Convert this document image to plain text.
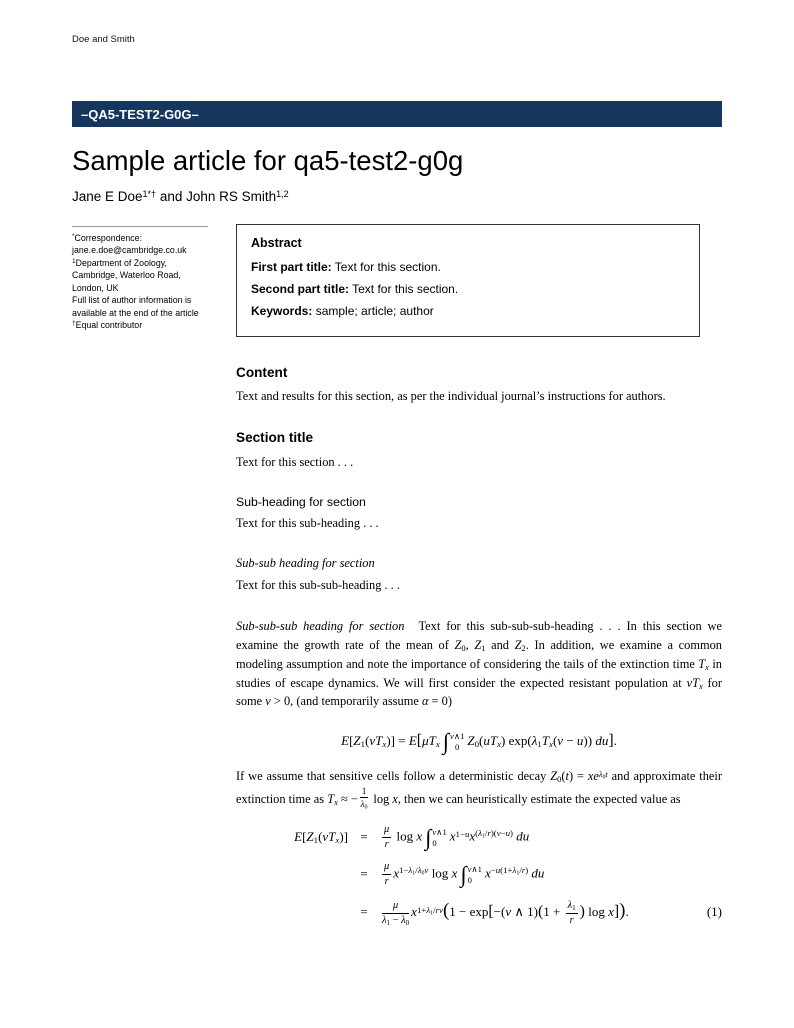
Doe and Smith
–QA5-TEST2-G0G–
Sample article for qa5-test2-g0g
Jane E Doe$^{1*\dagger}$ and John RS Smith$^{1,2}$
*Correspondence:
jane.e.doe@cambridge.co.uk
$^1$Department of Zoology,
Cambridge, Waterloo Road,
London, UK
Full list of author information is
available at the end of the article
†Equal contributor
Abstract

First part title: Text for this section.

Second part title: Text for this section.

Keywords: sample; article; author

Content

Text and results for this section, as per the individual journal’s instructions for authors.

Section title

Text for this section . . .

Sub-heading for section

Text for this sub-heading . . .

Sub-sub heading for section

Text for this sub-sub-heading . . .

Sub-sub-sub heading for section Text for this sub-sub-sub-heading . . . In this section we examine the growth rate of the mean of $Z_0$, $Z_1$ and $Z_2$. In addition, we examine a common modeling assumption and note the importance of considering the tails of the extinction time $T_x$ in studies of escape dynamics. We will first consider the expected resistant population at $vT_x$ for some v > 0, (and temporarily assume α = 0)

$E[Z_1(vT_x)] = E[\mu T_x$ ∫ v∧1
0 $Z_0(uT_x) \exp(\lambda_1T_x(v - u))$ du].

If we assume that sensitive cells follow a deterministic decay $Z_0(t) = xe^{\lambda_0t}$ and approximate their extinction time as $T_x$ ≈ − $\frac{1}{\lambda_0}$ log x, then we can heuristically estimate the expected value as

$E[Z_1(vT_x)]$ =	$\frac{\mu}{r}$ log x ∫ v∧1
0	$x^{1-u}x^{(\lambda_1/r)(v-u)}$ du
=	$\frac{\mu}{r} x^{1-\lambda_1/\lambda_0v}$ log x ∫ v∧1
0	$x^{-u(1+\lambda_1/r)}$ du
=	$\frac{\mu}{\lambda_1 - \lambda_0} x^{1+\lambda_1/rv}(1 - \exp[-(v$ ∧ $1)(1 + \frac{\lambda_1}{r}$ ) log x]).	(1)
